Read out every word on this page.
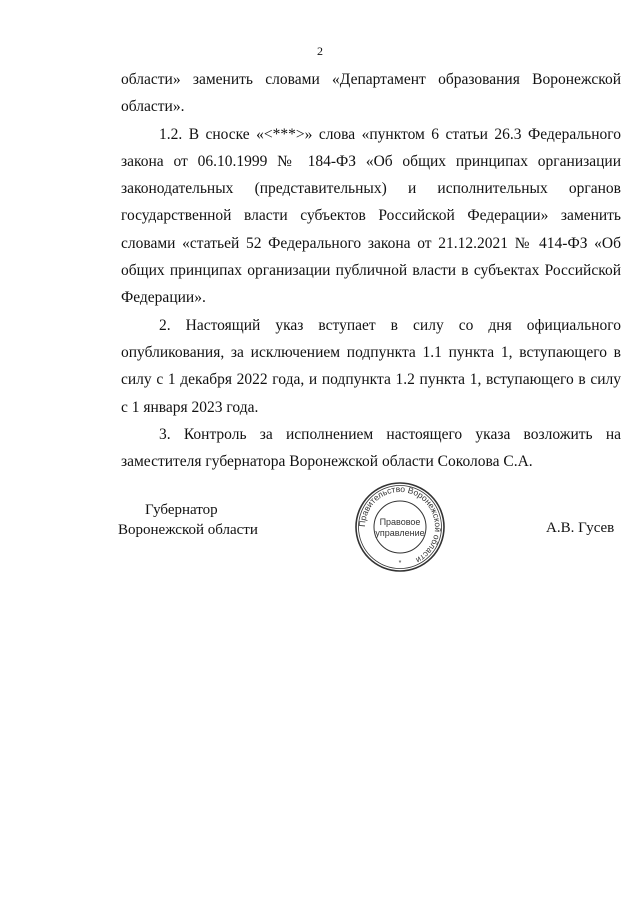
2

области» заменить словами «Департамент образования Воронежской области».

1.2. В сноске «<***>» слова «пунктом 6 статьи 26.3 Федерального закона от 06.10.1999 № 184-ФЗ «Об общих принципах организации законодательных (представительных) и исполнительных органов государственной власти субъектов Российской Федерации» заменить словами «статьей 52 Федерального закона от 21.12.2021 № 414-ФЗ «Об общих принципах организации публичной власти в субъектах Российской Федерации».

2. Настоящий указ вступает в силу со дня официального опубликования, за исключением подпункта 1.1 пункта 1, вступающего в силу с 1 декабря 2022 года, и подпункта 1.2 пункта 1, вступающего в силу с 1 января 2023 года.

3. Контроль за исполнением настоящего указа возложить на заместителя губернатора Воронежской области Соколова С.А.

Губернатор
Воронежской области	Правительство Воронежской области
Правовое
управление
*
А.В. Гусев
